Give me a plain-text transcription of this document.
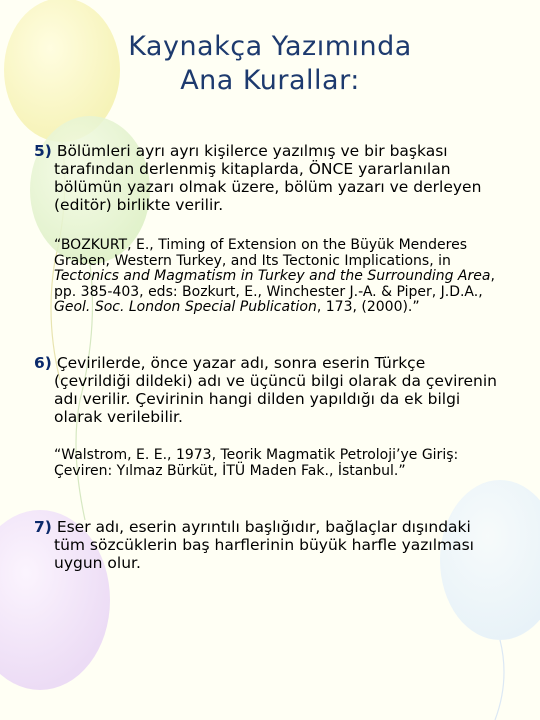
Kaynakça Yazımında
Ana Kurallar:
5) Bölümleri ayrı ayrı kişilerce yazılmış ve bir başkası tarafından derlenmiş kitaplarda, ÖNCE yararlanılan bölümün yazarı olmak üzere, bölüm yazarı ve derleyen (editör) birlikte verilir.
“BOZKURT, E., Timing of Extension on the Büyük Menderes Graben, Western Turkey, and Its Tectonic Implications, in Tectonics and Magmatism in Turkey and the Surrounding Area, pp. 385-403, eds: Bozkurt, E., Winchester J.-A. & Piper, J.D.A., Geol. Soc. London Special Publication, 173, (2000).”
6) Çevirilerde, önce yazar adı, sonra eserin Türkçe (çevrildiği dildeki) adı ve üçüncü bilgi olarak da çevirenin adı verilir. Çevirinin hangi dilden yapıldığı da ek bilgi olarak verilebilir.
“Walstrom, E. E., 1973, Teorik Magmatik Petroloji’ye Giriş: Çeviren: Yılmaz Bürküt, İTÜ Maden Fak., İstanbul.”
7) Eser adı, eserin ayrıntılı başlığıdır, bağlaçlar dışındaki tüm sözcüklerin baş harflerinin büyük harfle yazılması uygun olur.
